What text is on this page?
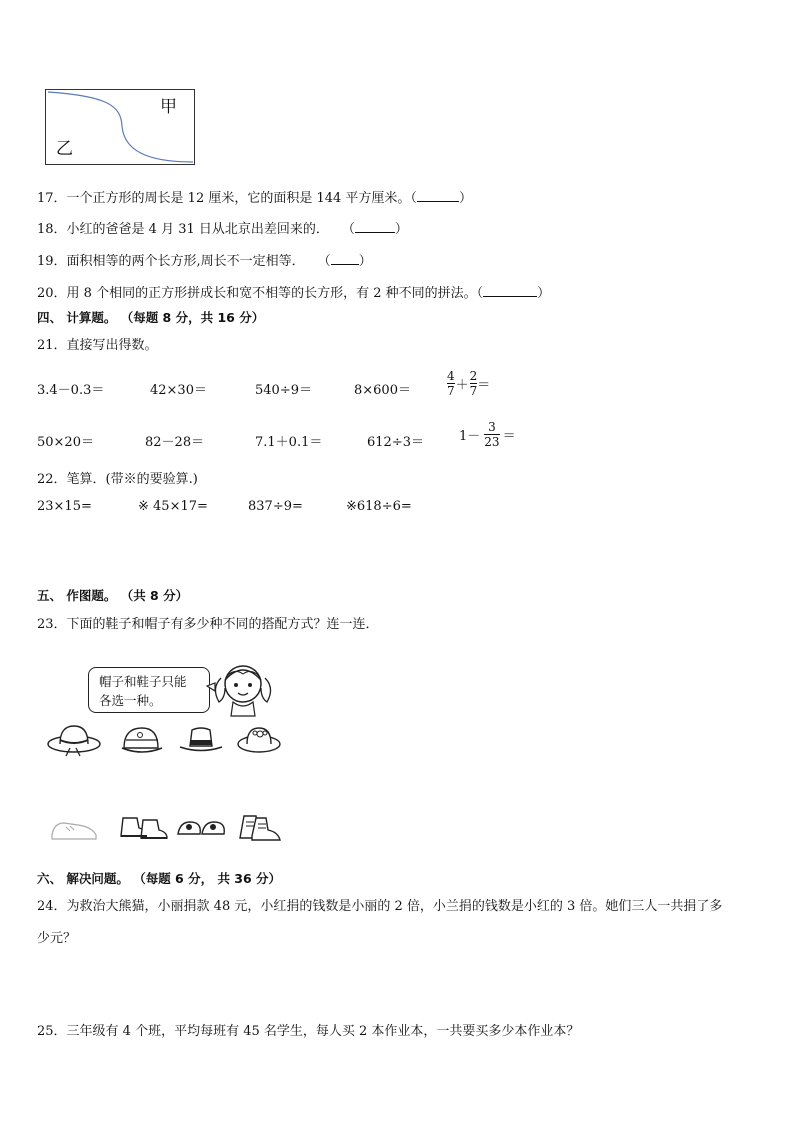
甲
乙
17．一个正方形的周长是 12 厘米，它的面积是 144 平方厘米。（	）
18．小红的爸爸是 4 月 31 日从北京出差回来的．　　（	）
19．面积相等的两个长方形,周长不一定相等．　　（ ）
20．用 8 个相同的正方形拼成长和宽不相等的长方形，有 2 种不同的拼法。（	）
四、 计算题。 （每题 8 分，共 16 分）
21．直接写出得数。
3.4－0.3＝	42×30＝	540÷9＝	8×600＝	$\frac{4}{7} + \frac{2}{7}$ ＝
50×20＝	82－28＝	7.1＋0.1＝	612÷3＝	$1- \frac{3}{23}$ ＝
22．笔算．(带※的要验算.)
23×15=	※ 45×17=	837÷9=	※618÷6=
五、 作图题。 （共 8 分）
23．下面的鞋子和帽子有多少种不同的搭配方式？连一连．
帽子和鞋子只能
各选一种。
六、 解决问题。 （每题 6 分， 共 36 分）
24．为救治大熊猫，小丽捐款 48 元，小红捐的钱数是小丽的 2 倍，小兰捐的钱数是小红的 3 倍。她们三人一共捐了多
少元？
25．三年级有 4 个班，平均每班有 45 名学生，每人买 2 本作业本，一共要买多少本作业本？
